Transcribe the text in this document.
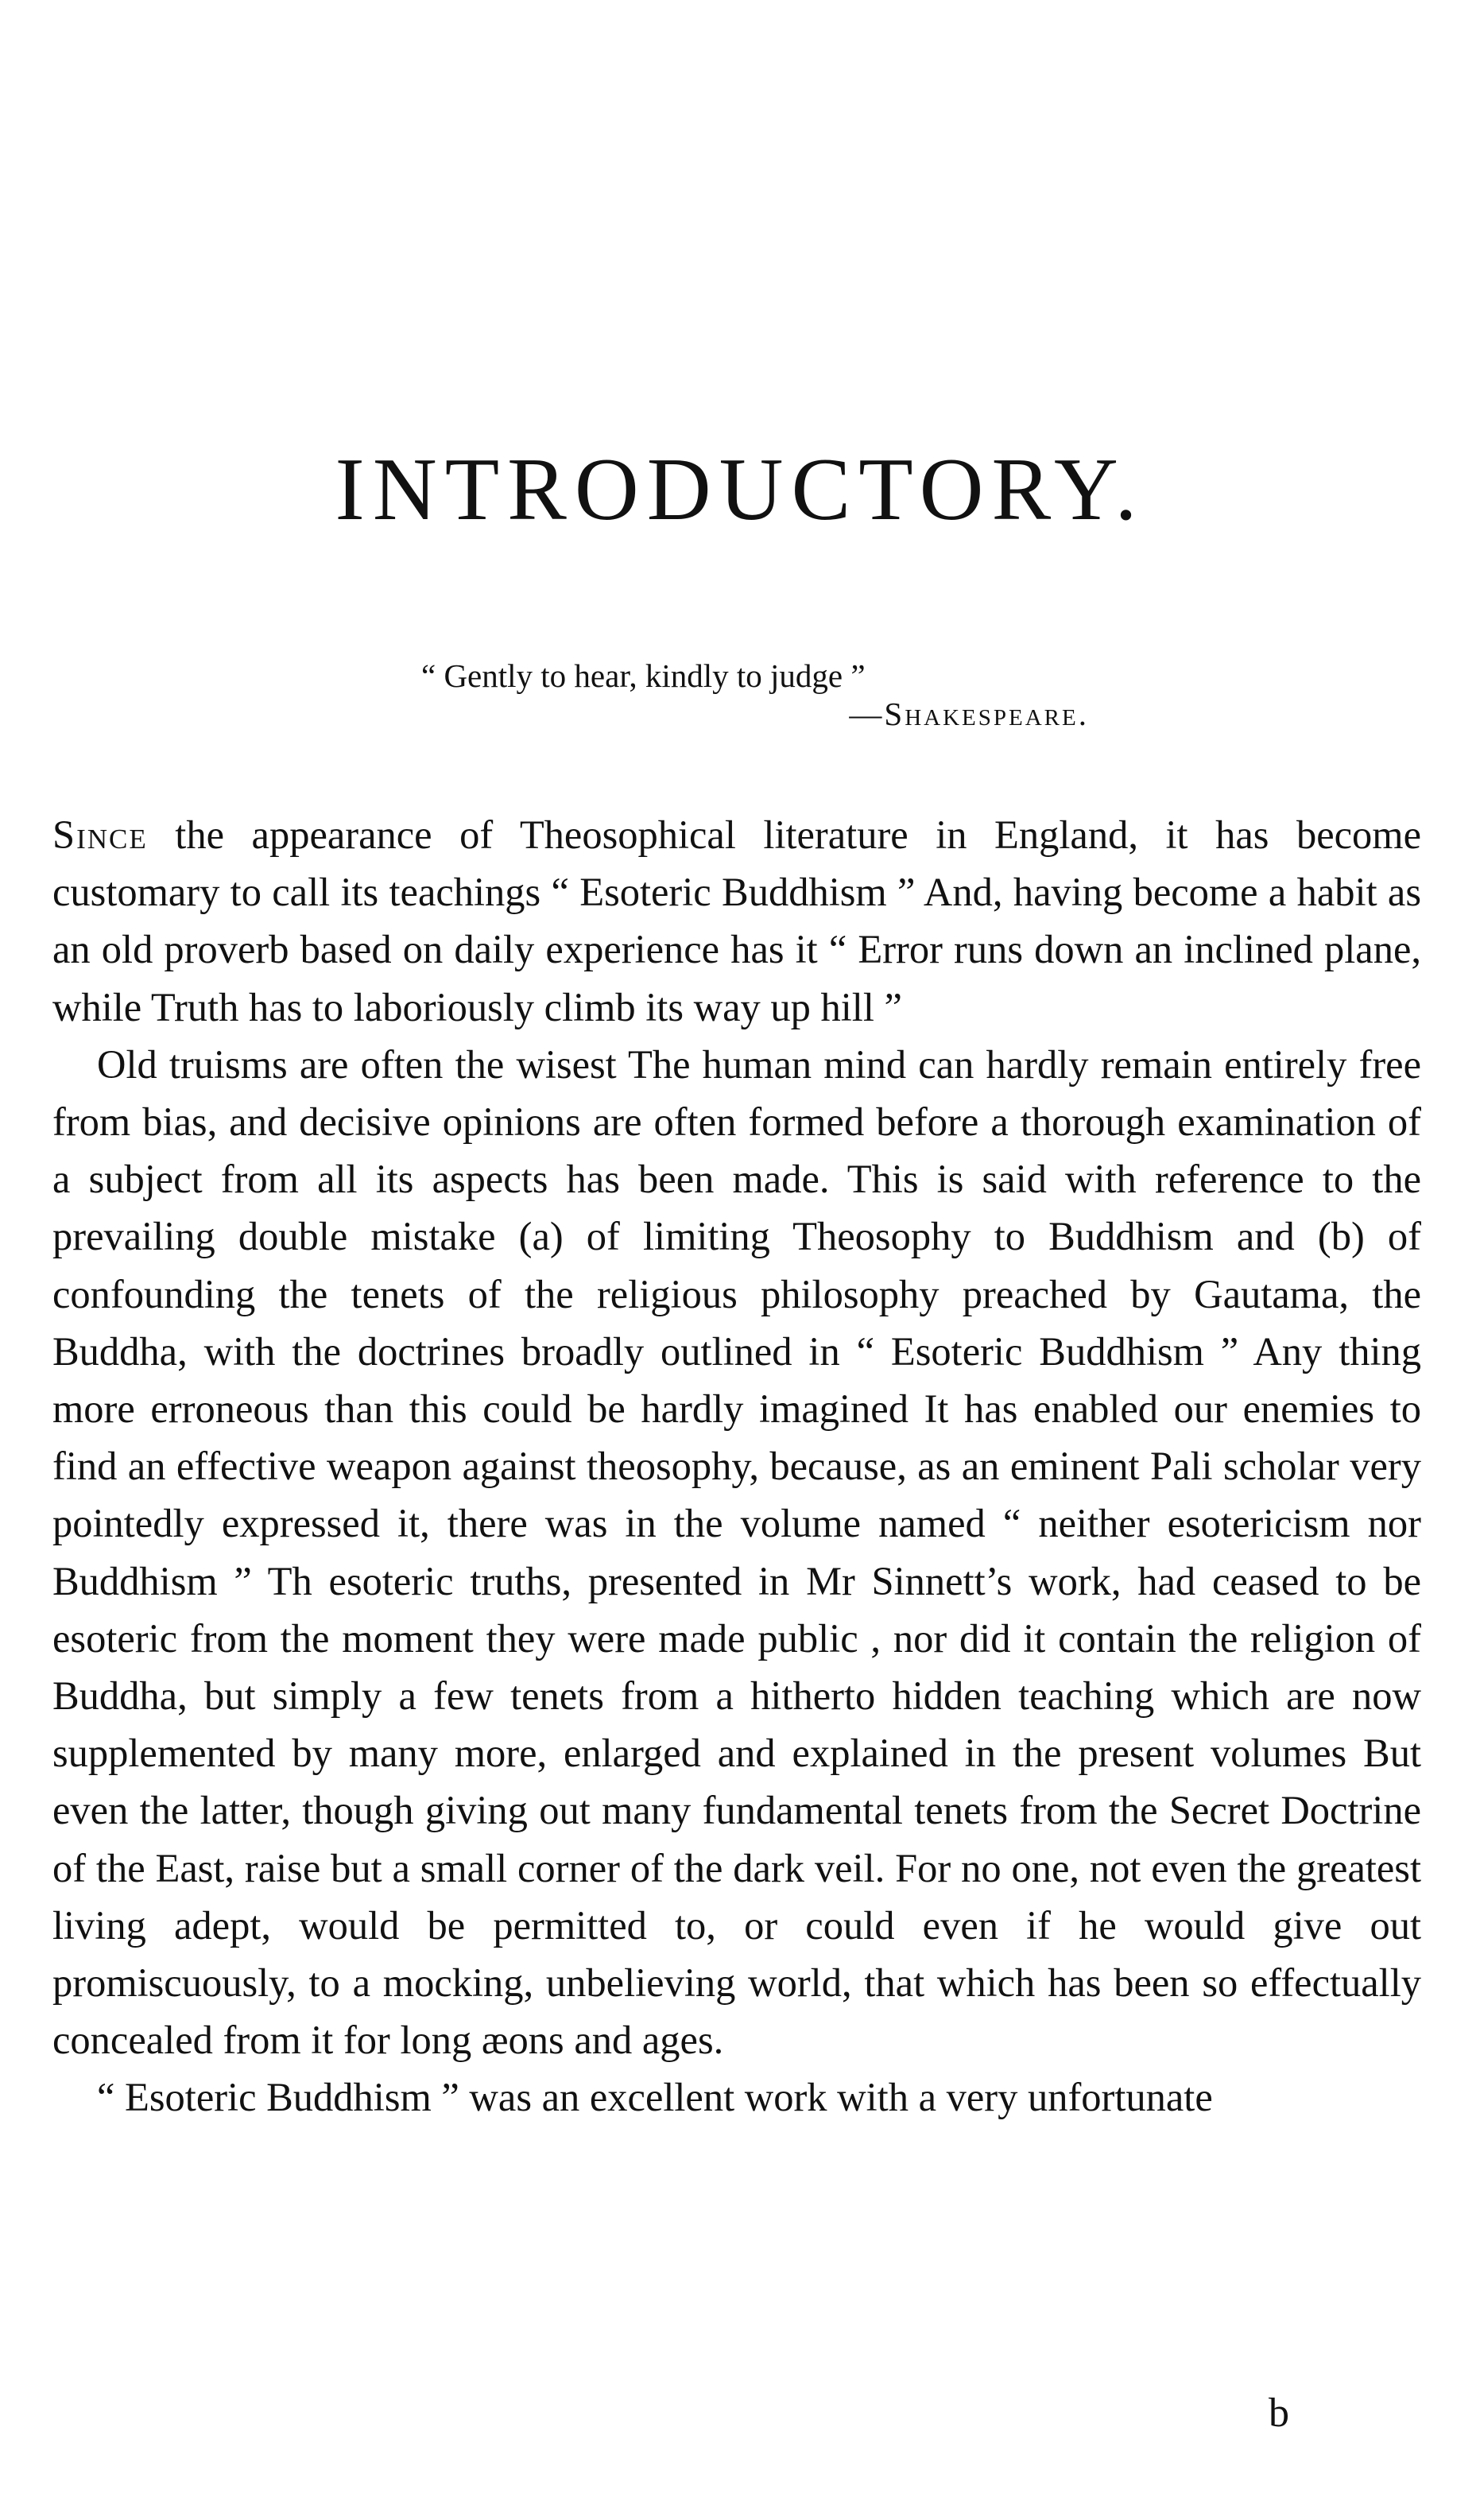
INTRODUCTORY.
“ Gently to hear, kindly to judge ”
—Shakespeare.

Since the appearance of Theosophical literature in England, it has become customary to call its teachings “ Esoteric Buddhism ” And, having become a habit as an old proverb based on daily experience has it “ Error runs down an inclined plane, while Truth has to laboriously climb its way up hill ”

Old truisms are often the wisest The human mind can hardly remain entirely free from bias, and decisive opinions are often formed before a thorough examination of a subject from all its aspects has been made. This is said with reference to the prevailing double mistake (a) of limiting Theosophy to Buddhism and (b) of confounding the tenets of the religious philosophy preached by Gautama, the Buddha, with the doctrines broadly outlined in “ Esoteric Buddhism ” Any thing more erroneous than this could be hardly imagined It has enabled our enemies to find an effective weapon against theosophy, because, as an eminent Pali scholar very pointedly expressed it, there was in the volume named “ neither esotericism nor Buddhism ” Th esoteric truths, presented in Mr Sinnett’s work, had ceased to be esoteric from the moment they were made public , nor did it contain the religion of Buddha, but simply a few tenets from a hitherto hidden teaching which are now supplemented by many more, enlarged and explained in the present volumes But even the latter, though giving out many fundamental tenets from the Secret Doctrine of the East, raise but a small corner of the dark veil. For no one, not even the greatest living adept, would be permitted to, or could even if he would give out promiscuously, to a mocking, unbelieving world, that which has been so effectually concealed from it for long æons and ages.

“ Esoteric Buddhism ” was an excellent work with a very unfortunate

b
